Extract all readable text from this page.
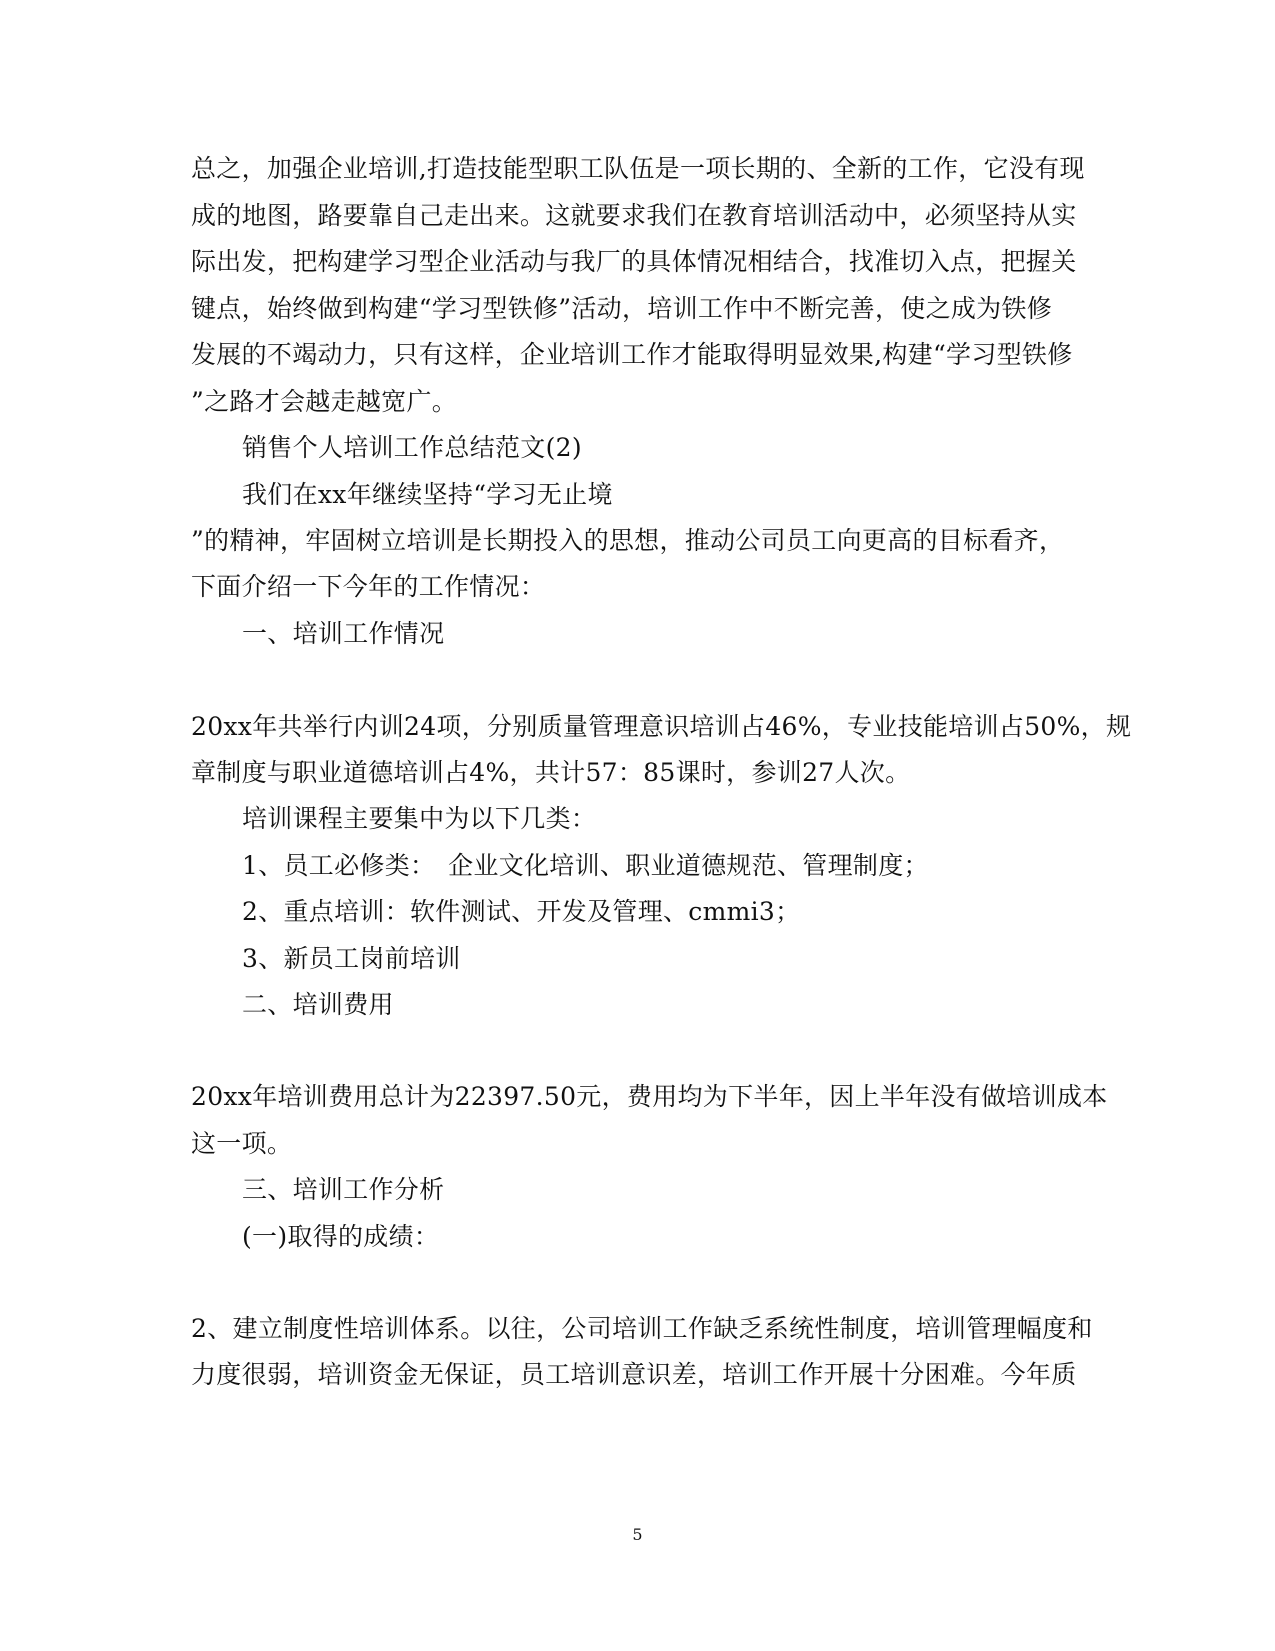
总之，加强企业培训,打造技能型职工队伍是一项长期的、全新的工作，它没有现
成的地图，路要靠自己走出来。这就要求我们在教育培训活动中，必须坚持从实
际出发，把构建学习型企业活动与我厂的具体情况相结合，找准切入点，把握关
键点，始终做到构建“学习型铁修”活动，培训工作中不断完善，使之成为铁修
发展的不竭动力，只有这样，企业培训工作才能取得明显效果,构建“学习型铁修
”之路才会越走越宽广。
销售个人培训工作总结范文(2)
我们在xx年继续坚持“学习无止境
”的精神，牢固树立培训是长期投入的思想，推动公司员工向更高的目标看齐，
下面介绍一下今年的工作情况：
一、培训工作情况
20xx年共举行内训24项，分别质量管理意识培训占46%，专业技能培训占50%，规
章制度与职业道德培训占4%，共计57：85课时，参训27人次。
培训课程主要集中为以下几类：
1、员工必修类：　企业文化培训、职业道德规范、管理制度；
2、重点培训：软件测试、开发及管理、cmmi3；
3、新员工岗前培训
二、培训费用
20xx年培训费用总计为22397.50元，费用均为下半年，因上半年没有做培训成本
这一项。
三、培训工作分析
(一)取得的成绩：
2、建立制度性培训体系。以往，公司培训工作缺乏系统性制度，培训管理幅度和
力度很弱，培训资金无保证，员工培训意识差，培训工作开展十分困难。今年质
5
